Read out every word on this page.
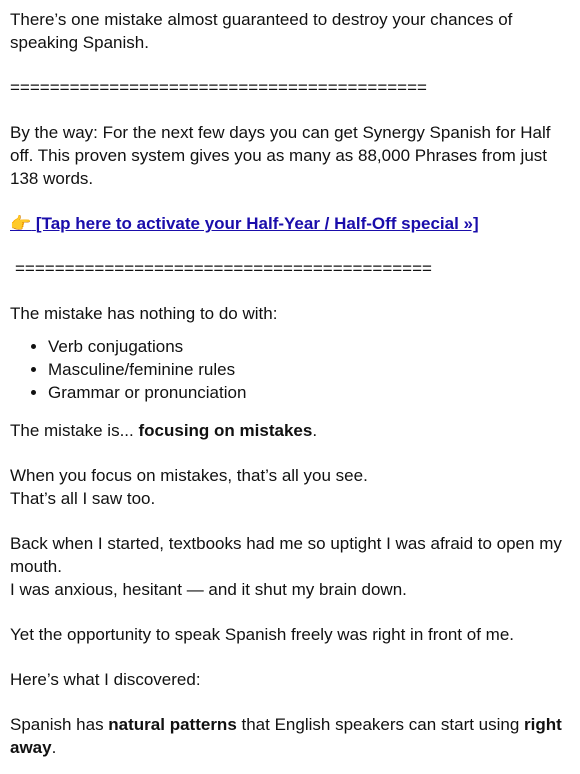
There’s one mistake almost guaranteed to destroy your chances of speaking Spanish.

==========================================

By the way: For the next few days you can get Synergy Spanish for Half off. This proven system gives you as many as 88,000 Phrases from just 138 words.

👉 [Tap here to activate your Half-Year / Half-Off special »]

==========================================

The mistake has nothing to do with:

• Verb conjugations
• Masculine/feminine rules
• Grammar or pronunciation

The mistake is... focusing on mistakes.

When you focus on mistakes, that’s all you see.

That’s all I saw too.

Back when I started, textbooks had me so uptight I was afraid to open my mouth.

I was anxious, hesitant — and it shut my brain down.

Yet the opportunity to speak Spanish freely was right in front of me.

Here’s what I discovered:

Spanish has natural patterns that English speakers can start using right away.
